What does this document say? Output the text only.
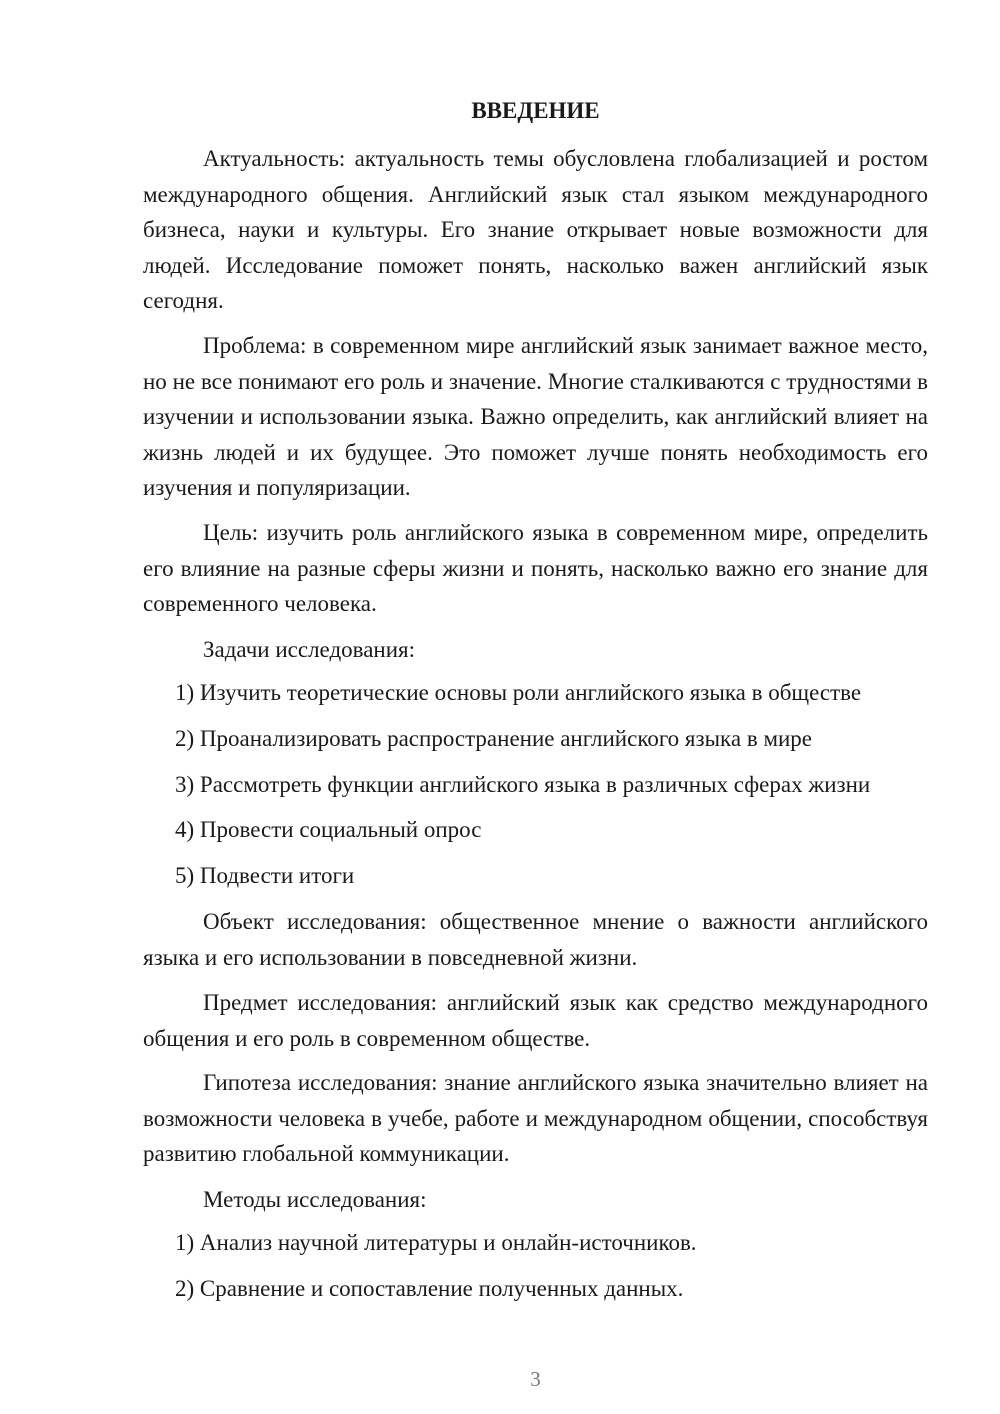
ВВЕДЕНИЕ

Актуальность: актуальность темы обусловлена глобализацией и ростом международного общения. Английский язык стал языком международного бизнеса, науки и культуры. Его знание открывает новые возможности для людей. Исследование поможет понять, насколько важен английский язык сегодня.

Проблема: в современном мире английский язык занимает важное место, но не все понимают его роль и значение. Многие сталкиваются с трудностями в изучении и использовании языка. Важно определить, как английский влияет на жизнь людей и их будущее. Это поможет лучше понять необходимость его изучения и популяризации.

Цель: изучить роль английского языка в современном мире, определить его влияние на разные сферы жизни и понять, насколько важно его знание для современного человека.

Задачи исследования:

1) Изучить теоретические основы роли английского языка в обществе

2) Проанализировать распространение английского языка в мире

3) Рассмотреть функции английского языка в различных сферах жизни

4) Провести социальный опрос

5) Подвести итоги

Объект исследования: общественное мнение о важности английского языка и его использовании в повседневной жизни.

Предмет исследования: английский язык как средство международного общения и его роль в современном обществе.

Гипотеза исследования: знание английского языка значительно влияет на возможности человека в учебе, работе и международном общении, способствуя развитию глобальной коммуникации.

Методы исследования:

1) Анализ научной литературы и онлайн-источников.

2) Сравнение и сопоставление полученных данных.

3
